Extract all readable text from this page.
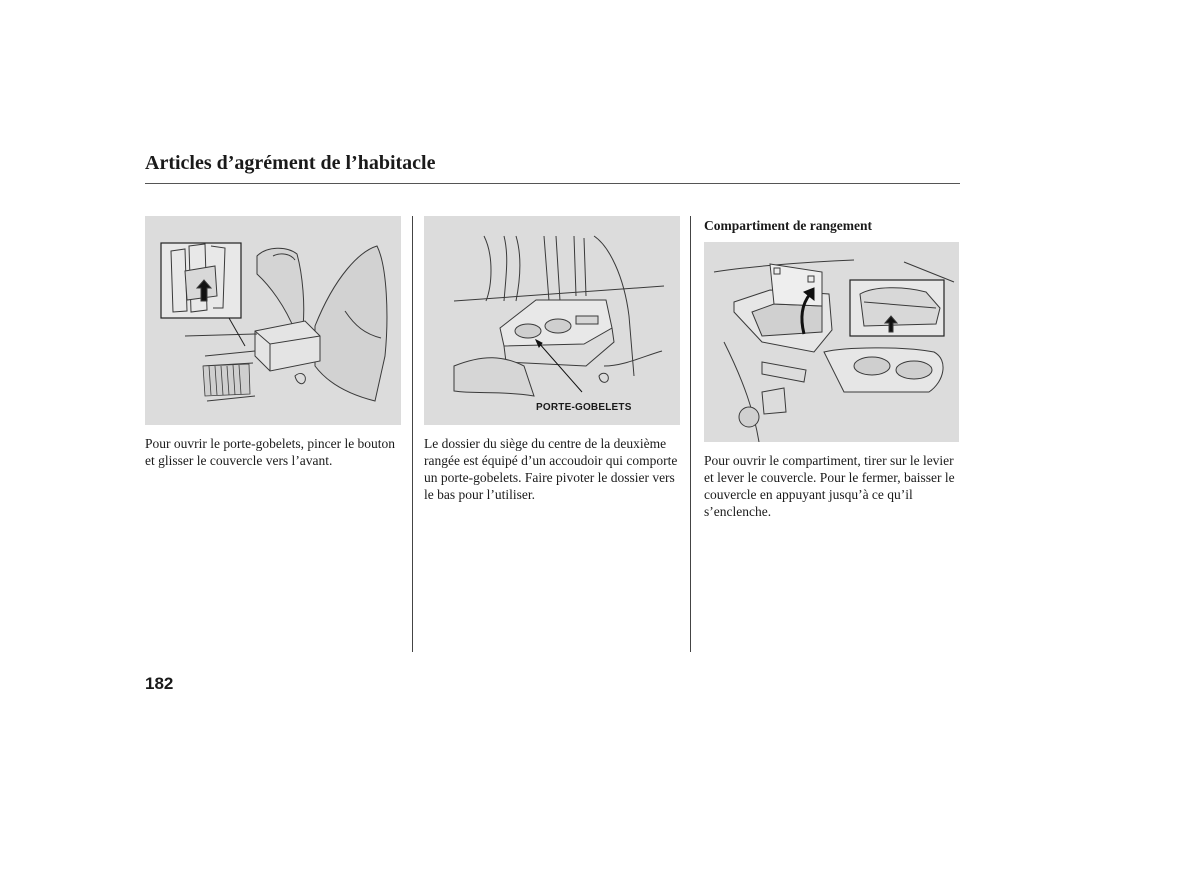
Articles d’agrément de l’habitacle
PORTE-GOBELETS
Compartiment de rangement
Pour ouvrir le porte-gobelets, pincer le bouton et glisser le couvercle vers l’avant.
Le dossier du siège du centre de la deuxième rangée est équipé d’un accoudoir qui comporte un porte-gobelets. Faire pivoter le dossier vers le bas pour l’utiliser.
Pour ouvrir le compartiment, tirer sur le levier et lever le couvercle. Pour le fermer, baisser le couvercle en appuyant jusqu’à ce qu’il s’enclenche.
182
